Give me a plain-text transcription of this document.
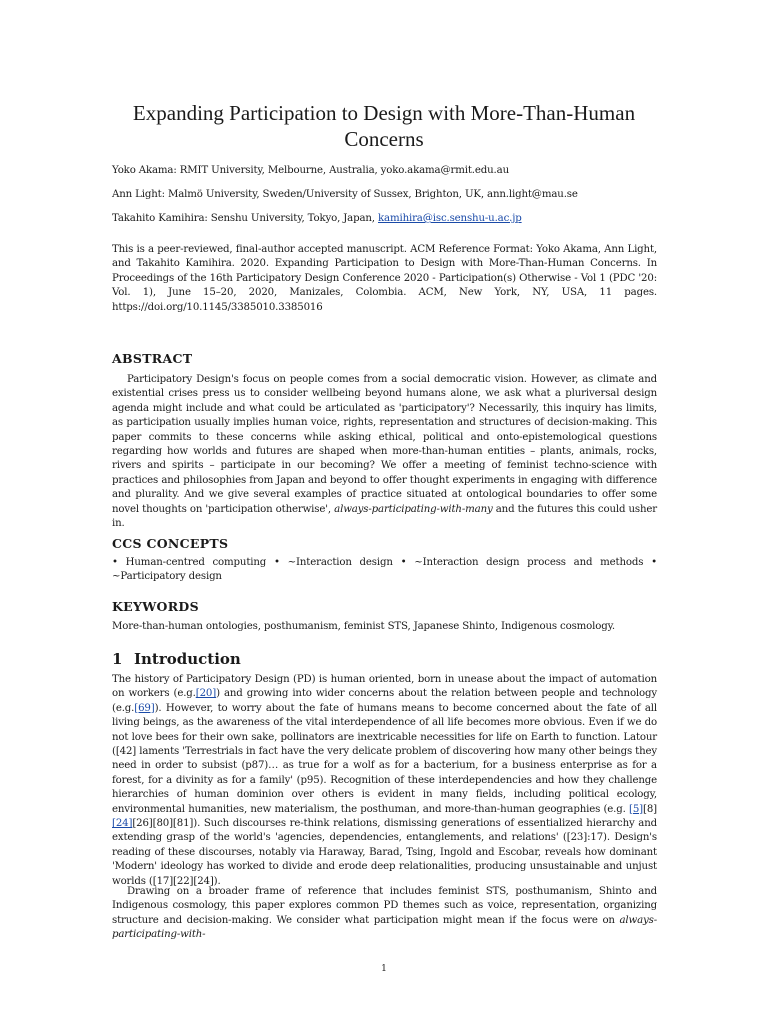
Expanding Participation to Design with More-Than-Human Concerns
Yoko Akama: RMIT University, Melbourne, Australia, yoko.akama@rmit.edu.au
Ann Light: Malmö University, Sweden/University of Sussex, Brighton, UK, ann.light@mau.se
Takahito Kamihira: Senshu University, Tokyo, Japan, kamihira@isc.senshu-u.ac.jp
This is a peer-reviewed, final-author accepted manuscript. ACM Reference Format: Yoko Akama, Ann Light, and Takahito Kamihira. 2020. Expanding Participation to Design with More-Than-Human Concerns. In Proceedings of the 16th Participatory Design Conference 2020 - Participation(s) Otherwise - Vol 1 (PDC '20: Vol. 1), June 15–20, 2020, Manizales, Colombia. ACM, New York, NY, USA, 11 pages. https://doi.org/10.1145/3385010.3385016
ABSTRACT
Participatory Design's focus on people comes from a social democratic vision. However, as climate and existential crises press us to consider wellbeing beyond humans alone, we ask what a pluriversal design agenda might include and what could be articulated as 'participatory'? Necessarily, this inquiry has limits, as participation usually implies human voice, rights, representation and structures of decision-making. This paper commits to these concerns while asking ethical, political and onto-epistemological questions regarding how worlds and futures are shaped when more-than-human entities – plants, animals, rocks, rivers and spirits – participate in our becoming? We offer a meeting of feminist techno-science with practices and philosophies from Japan and beyond to offer thought experiments in engaging with difference and plurality. And we give several examples of practice situated at ontological boundaries to offer some novel thoughts on 'participation otherwise', always-participating-with-many and the futures this could usher in.
CCS CONCEPTS
• Human-centred computing • ~Interaction design • ~Interaction design process and methods • ~Participatory design
KEYWORDS
More-than-human ontologies, posthumanism, feminist STS, Japanese Shinto, Indigenous cosmology.
1 Introduction
The history of Participatory Design (PD) is human oriented, born in unease about the impact of automation on workers (e.g.[20]) and growing into wider concerns about the relation between people and technology (e.g.[69]). However, to worry about the fate of humans means to become concerned about the fate of all living beings, as the awareness of the vital interdependence of all life becomes more obvious. Even if we do not love bees for their own sake, pollinators are inextricable necessities for life on Earth to function. Latour ([42] laments 'Terrestrials in fact have the very delicate problem of discovering how many other beings they need in order to subsist (p87)… as true for a wolf as for a bacterium, for a business enterprise as for a forest, for a divinity as for a family' (p95). Recognition of these interdependencies and how they challenge hierarchies of human dominion over others is evident in many fields, including political ecology, environmental humanities, new materialism, the posthuman, and more-than-human geographies (e.g. [5][8] [24][26][80][81]). Such discourses re-think relations, dismissing generations of essentialized hierarchy and extending grasp of the world's 'agencies, dependencies, entanglements, and relations' ([23]:17). Design's reading of these discourses, notably via Haraway, Barad, Tsing, Ingold and Escobar, reveals how dominant 'Modern' ideology has worked to divide and erode deep relationalities, producing unsustainable and unjust worlds ([17][22][24]).
Drawing on a broader frame of reference that includes feminist STS, posthumanism, Shinto and Indigenous cosmology, this paper explores common PD themes such as voice, representation, organizing structure and decision-making. We consider what participation might mean if the focus were on always-participating-with-
1
